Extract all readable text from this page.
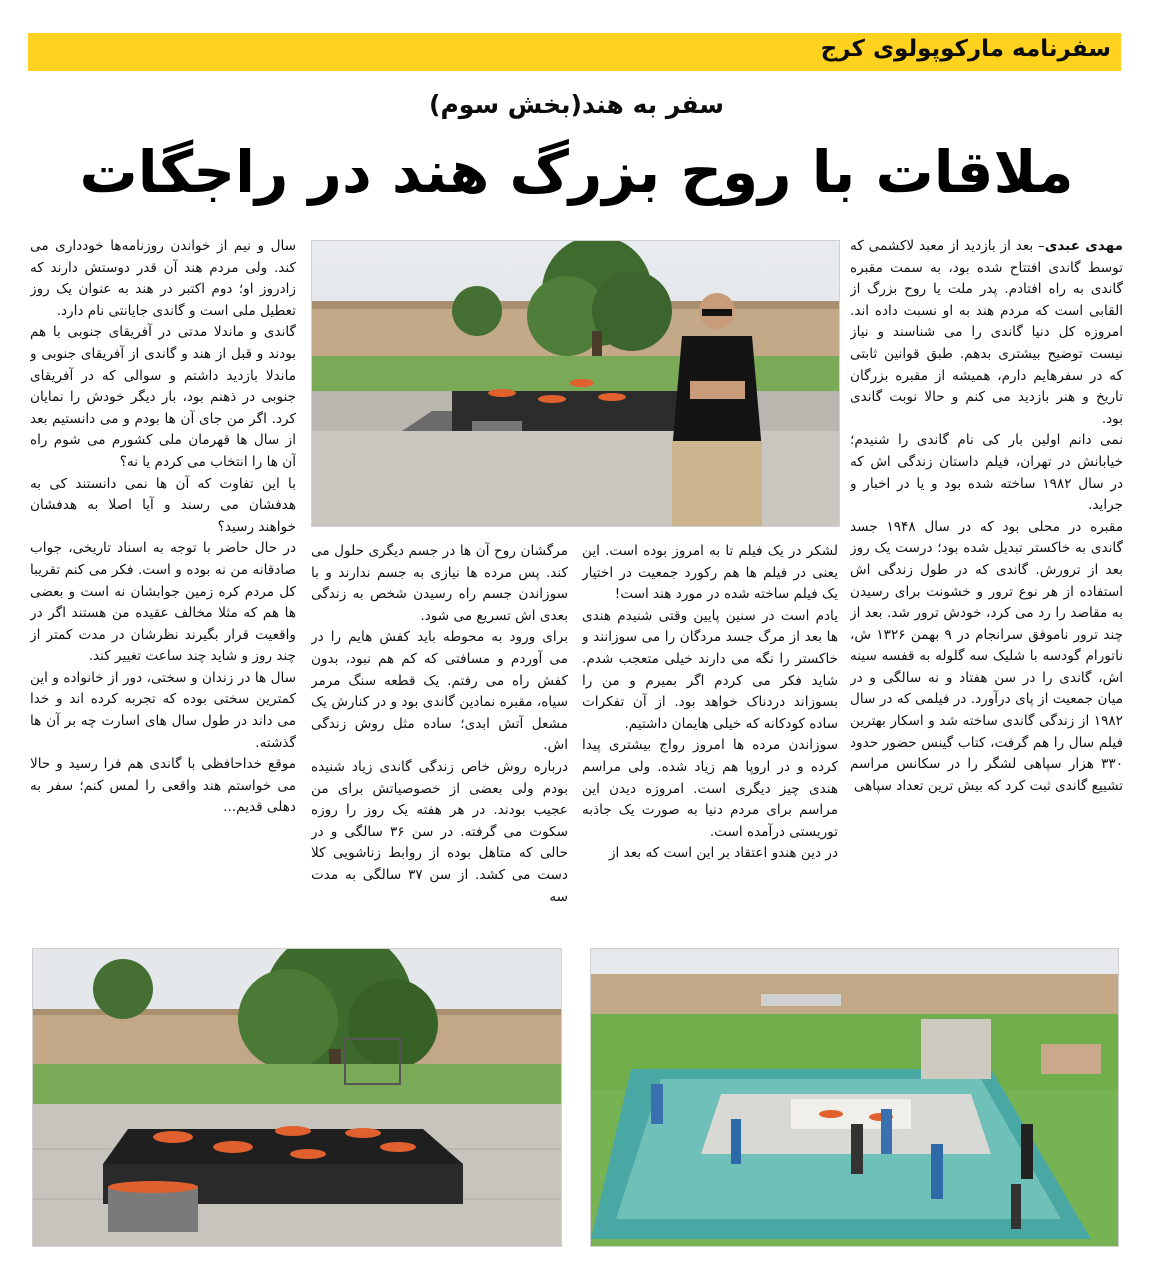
سفرنامه مارکوپولوی کرج
سفر به هند(بخش سوم)
ملاقات با روح بزرگ هند در راجگات

مهدی عبدی– بعد از بازدید از معبد لاکشمی که توسط گاندی افتتاح شده بود، به سمت مقبره گاندی به راه افتادم. پدر ملت یا روح بزرگ از القابی است که مردم هند به او نسبت داده اند. امروزه کل دنیا گاندی را می شناسند و نیاز نیست توضیح بیشتری بدهم. طبق قوانین ثابتی که در سفرهایم دارم، همیشه از مقبره بزرگان تاریخ و هنر بازدید می کنم و حالا نوبت گاندی بود.

نمی دانم اولین بار کی نام گاندی را شنیدم؛ خیابانش در تهران، فیلم داستان زندگی اش که در سال ۱۹۸۲ ساخته شده بود و یا در اخبار و جراید.

مقبره در محلی بود که در سال ۱۹۴۸ جسد گاندی به خاکستر تبدیل شده بود؛ درست یک روز بعد از ترورش. گاندی که در طول زندگی اش استفاده از هر نوع ترور و خشونت برای رسیدن به مقاصد را رد می کرد، خودش ترور شد. بعد از چند ترور ناموفق سرانجام در ۹ بهمن ۱۳۲۶ ش، ناتورام گودسه با شلیک سه گلوله به قفسه سینه اش، گاندی را در سن هفتاد و نه سالگی و در میان جمعیت از پای درآورد. در فیلمی که در سال ۱۹۸۲ از زندگی گاندی ساخته شد و اسکار بهترین فیلم سال را هم گرفت، کتاب گینس حضور حدود ۳۳۰ هزار سپاهی لشگر را در سکانس مراسم تشییع گاندی ثبت کرد که بیش ترین تعداد سپاهی

لشکر در یک فیلم تا به امروز بوده است. این یعنی در فیلم ها هم رکورد جمعیت در اختیار یک فیلم ساخته شده در مورد هند است!

یادم است در سنین پایین وقتی شنیدم هندی ها بعد از مرگ جسد مردگان را می سوزانند و خاکستر را نگه می دارند خیلی متعجب شدم. شاید فکر می کردم اگر بمیرم و من را بسوزاند دردناک خواهد بود. از آن تفکرات ساده کودکانه که خیلی هایمان داشتیم.

سوزاندن مرده ها امروز رواج بیشتری پیدا کرده و در اروپا هم زیاد شده. ولی مراسم هندی چیز دیگری است. امروزه دیدن این مراسم برای مردم دنیا به صورت یک جاذبه توریستی درآمده است.

در دین هندو اعتقاد بر این است که بعد از

مرگشان روح آن ها در جسم دیگری حلول می کند. پس مرده ها نیازی به جسم ندارند و با سوزاندن جسم راه رسیدن شخص به زندگی بعدی اش تسریع می شود.

برای ورود به محوطه باید کفش هایم را در می آوردم و مسافتی که کم هم نبود، بدون کفش راه می رفتم. یک قطعه سنگ مرمر سیاه، مقبره نمادین گاندی بود و در کنارش یک مشعل آتش ابدی؛ ساده مثل روش زندگی اش.

درباره روش خاص زندگی گاندی زیاد شنیده بودم ولی بعضی از خصوصیاتش برای من عجیب بودند. در هر هفته یک روز را روزه سکوت می گرفته. در سن ۳۶ سالگی و در حالی که متاهل بوده از روابط زناشویی کلا دست می کشد. از سن ۳۷ سالگی به مدت سه

سال و نیم از خواندن روزنامه‌ها خودداری می کند. ولی مردم هند آن قدر دوستش دارند که زادروز او؛ دوم اکتبر در هند به عنوان یک روز تعطیل ملی است و گاندی جایانتی نام دارد.

گاندی و ماندلا مدتی در آفریقای جنوبی با هم بودند و قبل از هند و گاندی از آفریقای جنوبی و ماندلا بازدید داشتم و سوالی که در آفریقای جنوبی در ذهنم بود، بار دیگر خودش را نمایان کرد. اگر من جای آن ها بودم و می دانستیم بعد از سال ها قهرمان ملی کشورم می شوم راه آن ها را انتخاب می کردم یا نه؟

با این تفاوت که آن ها نمی دانستند کی به هدفشان می رسند و آیا اصلا به هدفشان خواهند رسید؟

در حال حاضر با توجه به اسناد تاریخی، جواب صادقانه من نه بوده و است. فکر می کنم تقریبا کل مردم کره زمین جوابشان نه است و بعضی ها هم که مثلا مخالف عقیده من هستند اگر در واقعیت قرار بگیرند نظرشان در مدت کمتر از چند روز و شاید چند ساعت تغییر کند.

سال ها در زندان و سختی، دور از خانواده و این کمترین سختی بوده که تجربه کرده اند و خدا می داند در طول سال های اسارت چه بر آن ها گذشته.

موقع خداحافظی با گاندی هم فرا رسید و حالا می خواستم هند واقعی را لمس کنم؛ سفر به دهلی قدیم...
